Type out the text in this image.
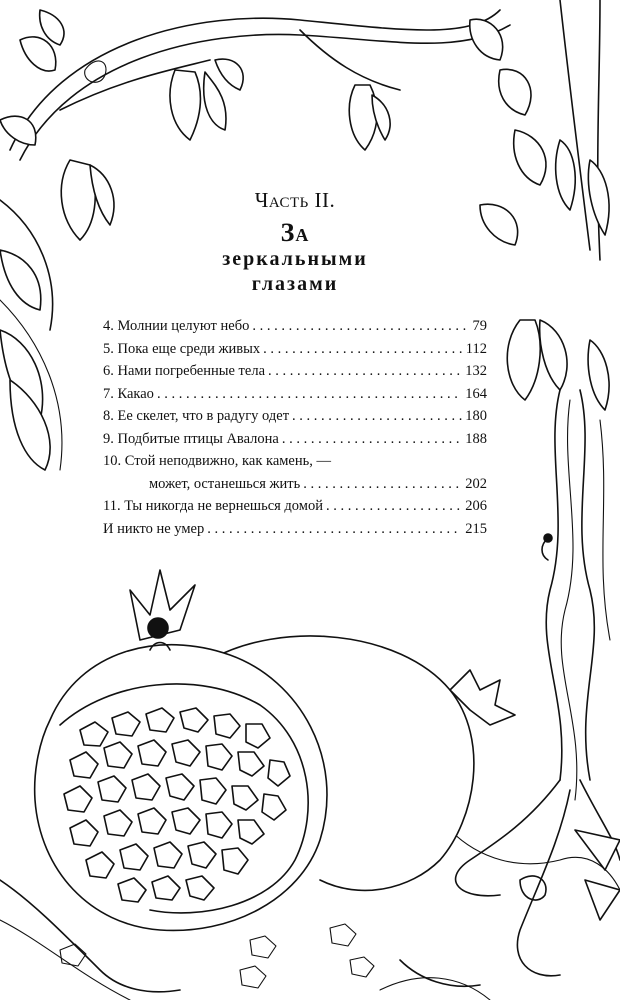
Часть II.
За
зеркальными
глазами
4. Молнии целуют небо . . .	79
5. Пока еще среди живых . . .	112
6. Нами погребенные тела . . .	132
7. Какао . . .	164
8. Ее скелет, что в радугу одет . . .	180
9. Подбитые птицы Авалона . . .	188
10. Стой неподвижно, как камень, —
может, останешься жить . . .	202
11. Ты никогда не вернешься домой . . .	206
И никто не умер . . .	215
